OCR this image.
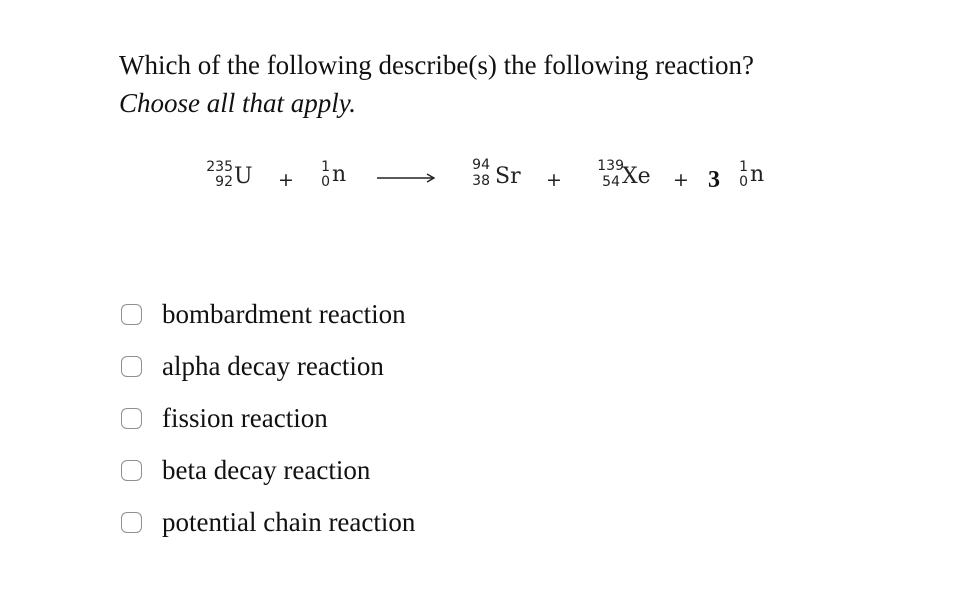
Which of the following describe(s) the following reaction?
Choose all that apply.
235
92 U +
1
0 n	94
38 Sr +
139
54 Xe + 3	1
0 n
bombardment reaction
alpha decay reaction
fission reaction
beta decay reaction
potential chain reaction
